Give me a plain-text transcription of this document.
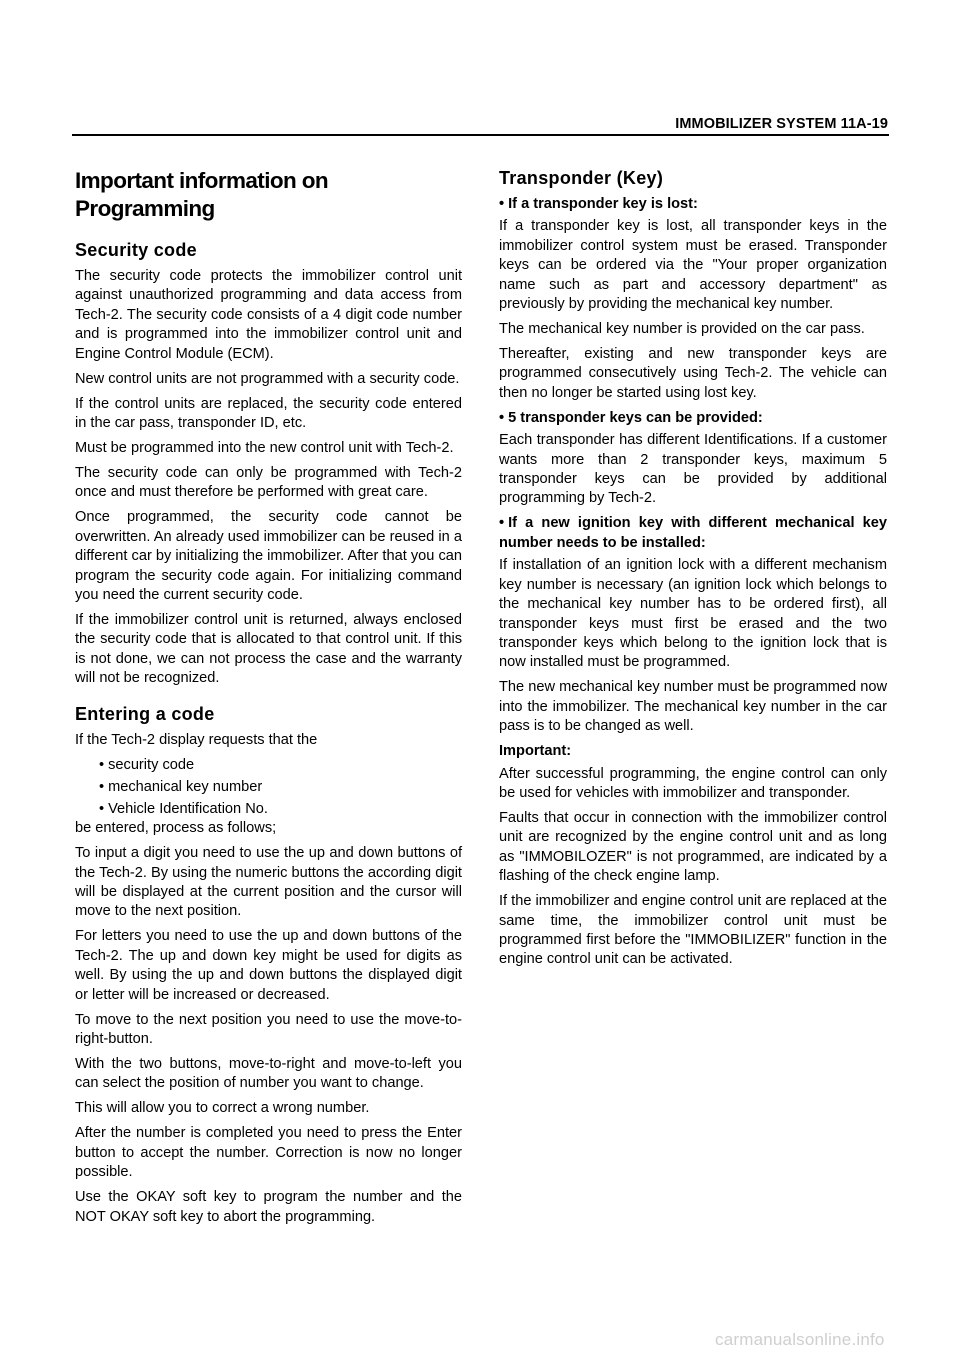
IMMOBILIZER SYSTEM 11A-19
Important information on Programming
Security code

The security code protects the immobilizer control unit against unauthorized programming and data access from Tech-2. The security code consists of a 4 digit code number and is programmed into the immobilizer control unit and Engine Control Module (ECM).

New control units are not programmed with a security code.

If the control units are replaced, the security code entered in the car pass, transponder ID, etc.

Must be programmed into the new control unit with Tech-2.

The security code can only be programmed with Tech-2 once and must therefore be performed with great care.

Once programmed, the security code cannot be overwritten. An already used immobilizer can be reused in a different car by initializing the immobilizer. After that you can program the security code again. For initializing command you need the current security code.

If the immobilizer control unit is returned, always enclosed the security code that is allocated to that control unit. If this is not done, we can not process the case and the warranty will not be recognized.

Entering a code

If the Tech-2 display requests that the

• security code

• mechanical key number

• Vehicle Identification No.

be entered, process as follows;

To input a digit you need to use the up and down buttons of the Tech-2. By using the numeric buttons the according digit will be displayed at the current position and the cursor will move to the next position.

For letters you need to use the up and down buttons of the Tech-2. The up and down key might be used for digits as well. By using the up and down buttons the displayed digit or letter will be increased or decreased.

To move to the next position you need to use the move-to-right-button.

With the two buttons, move-to-right and move-to-left you can select the position of number you want to change.

This will allow you to correct a wrong number.

After the number is completed you need to press the Enter button to accept the number. Correction is now no longer possible.

Use the OKAY soft key to program the number and the NOT OKAY soft key to abort the programming.

Transponder (Key)

• If a transponder key is lost:

If a transponder key is lost, all transponder keys in the immobilizer control system must be erased. Transponder keys can be ordered via the "Your proper organization name such as part and accessory department" as previously by providing the mechanical key number.

The mechanical key number is provided on the car pass.

Thereafter, existing and new transponder keys are programmed consecutively using Tech-2. The vehicle can then no longer be started using lost key.

• 5 transponder keys can be provided:

Each transponder has different Identifications. If a customer wants more than 2 transponder keys, maximum 5 transponder keys can be provided by additional programming by Tech-2.

• If a new ignition key with different mechanical key number needs to be installed:

If installation of an ignition lock with a different mechanism key number is necessary (an ignition lock which belongs to the mechanical key number has to be ordered first), all transponder keys must first be erased and the two transponder keys which belong to the ignition lock that is now installed must be programmed.

The new mechanical key number must be programmed now into the immobilizer. The mechanical key number in the car pass is to be changed as well.

Important:

After successful programming, the engine control can only be used for vehicles with immobilizer and transponder.

Faults that occur in connection with the immobilizer control unit are recognized by the engine control unit and as long as "IMMOBILOZER" is not programmed, are indicated by a flashing of the check engine lamp.

If the immobilizer and engine control unit are replaced at the same time, the immobilizer control unit must be programmed first before the "IMMOBILIZER" function in the engine control unit can be activated.

carmanualsonline.info
